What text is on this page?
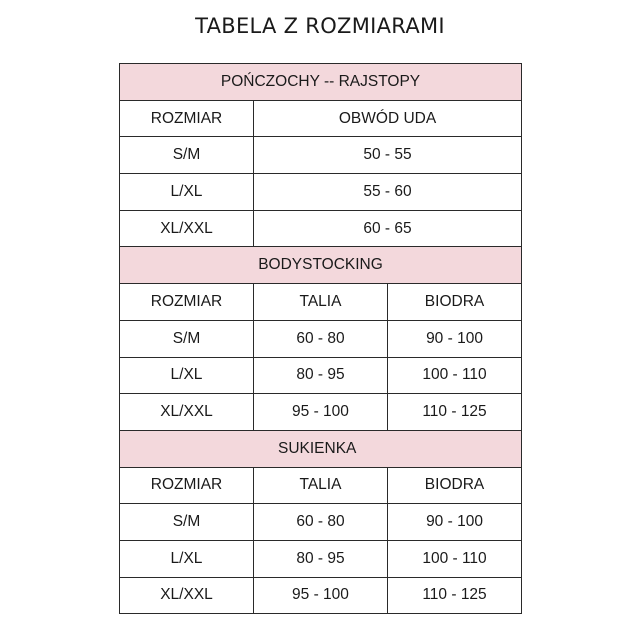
TABELA Z ROZMIARAMI
POŃCZOCHY -- RAJSTOPY		
ROZMIAR	OBWÓD UDA	
S/M	50 - 55	
L/XL	55 - 60	
XL/XXL	60 - 65	
BODYSTOCKING		
ROZMIAR	TALIA	BIODRA
S/M	60 - 80	90 - 100
L/XL	80 - 95	100 - 110
XL/XXL	95 - 100	110 - 125
SUKIENKA		
ROZMIAR	TALIA	BIODRA
S/M	60 - 80	90 - 100
L/XL	80 - 95	100 - 110
XL/XXL	95 - 100	110 - 125
